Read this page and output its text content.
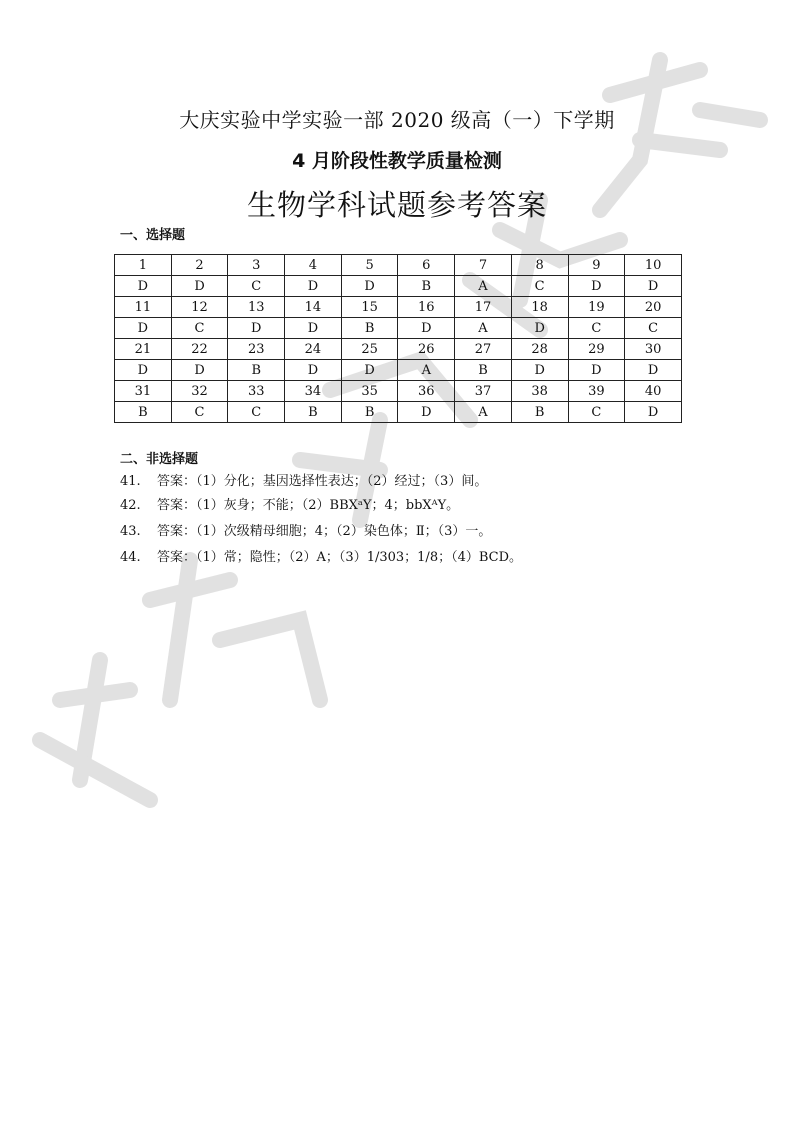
大庆实验中学实验一部 2020 级高（一）下学期
4 月阶段性教学质量检测
生物学科试题参考答案
一、选择题
1	2	3	4	5	6	7	8	9	10
D	D	C	D	D	B	A	C	D	D
11	12	13	14	15	16	17	18	19	20
D	C	D	D	B	D	A	D	C	C
21	22	23	24	25	26	27	28	29	30
D	D	B	D	D	A	B	D	D	D
31	32	33	34	35	36	37	38	39	40
B	C	C	B	B	D	A	B	C	D
二、非选择题
41. 答案：（1）分化；基因选择性表达；（2）经过；（3）间。
42. 答案：（1）灰身；不能；（2）BBXᵃY；4；bbXᴬY。
43. 答案：（1）次级精母细胞；4；（2）染色体；Ⅱ；（3）一。
44. 答案：（1）常；隐性；（2）A；（3）1/303；1/8；（4）BCD。
